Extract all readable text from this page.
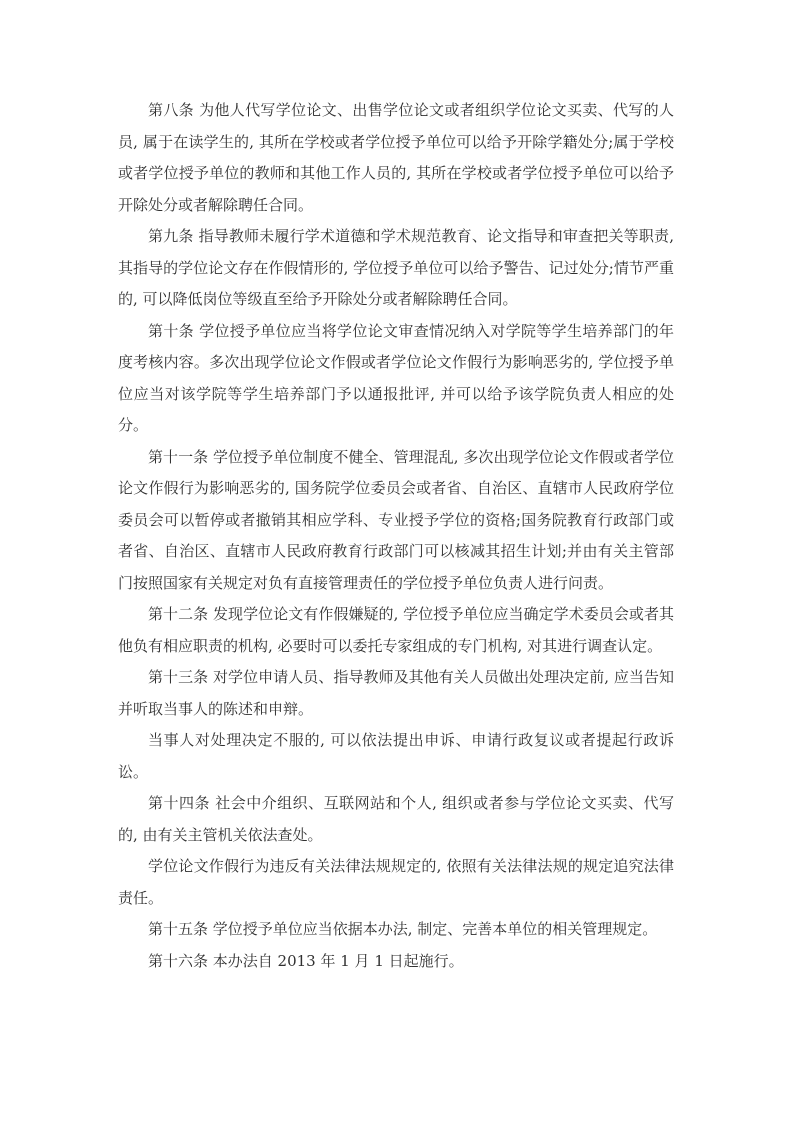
第八条 为他人代写学位论文、出售学位论文或者组织学位论文买卖、代写的人员, 属于在读学生的, 其所在学校或者学位授予单位可以给予开除学籍处分;属于学校或者学位授予单位的教师和其他工作人员的, 其所在学校或者学位授予单位可以给予开除处分或者解除聘任合同。

第九条 指导教师未履行学术道德和学术规范教育、论文指导和审查把关等职责, 其指导的学位论文存在作假情形的, 学位授予单位可以给予警告、记过处分;情节严重的, 可以降低岗位等级直至给予开除处分或者解除聘任合同。

第十条 学位授予单位应当将学位论文审查情况纳入对学院等学生培养部门的年度考核内容。多次出现学位论文作假或者学位论文作假行为影响恶劣的, 学位授予单位应当对该学院等学生培养部门予以通报批评, 并可以给予该学院负责人相应的处分。

第十一条 学位授予单位制度不健全、管理混乱, 多次出现学位论文作假或者学位论文作假行为影响恶劣的, 国务院学位委员会或者省、自治区、直辖市人民政府学位委员会可以暂停或者撤销其相应学科、专业授予学位的资格;国务院教育行政部门或者省、自治区、直辖市人民政府教育行政部门可以核减其招生计划;并由有关主管部门按照国家有关规定对负有直接管理责任的学位授予单位负责人进行问责。

第十二条 发现学位论文有作假嫌疑的, 学位授予单位应当确定学术委员会或者其他负有相应职责的机构, 必要时可以委托专家组成的专门机构, 对其进行调查认定。

第十三条 对学位申请人员、指导教师及其他有关人员做出处理决定前, 应当告知并听取当事人的陈述和申辩。

当事人对处理决定不服的, 可以依法提出申诉、申请行政复议或者提起行政诉讼。

第十四条 社会中介组织、互联网站和个人, 组织或者参与学位论文买卖、代写的, 由有关主管机关依法查处。

学位论文作假行为违反有关法律法规规定的, 依照有关法律法规的规定追究法律责任。

第十五条 学位授予单位应当依据本办法, 制定、完善本单位的相关管理规定。

第十六条 本办法自 2013 年 1 月 1 日起施行。
